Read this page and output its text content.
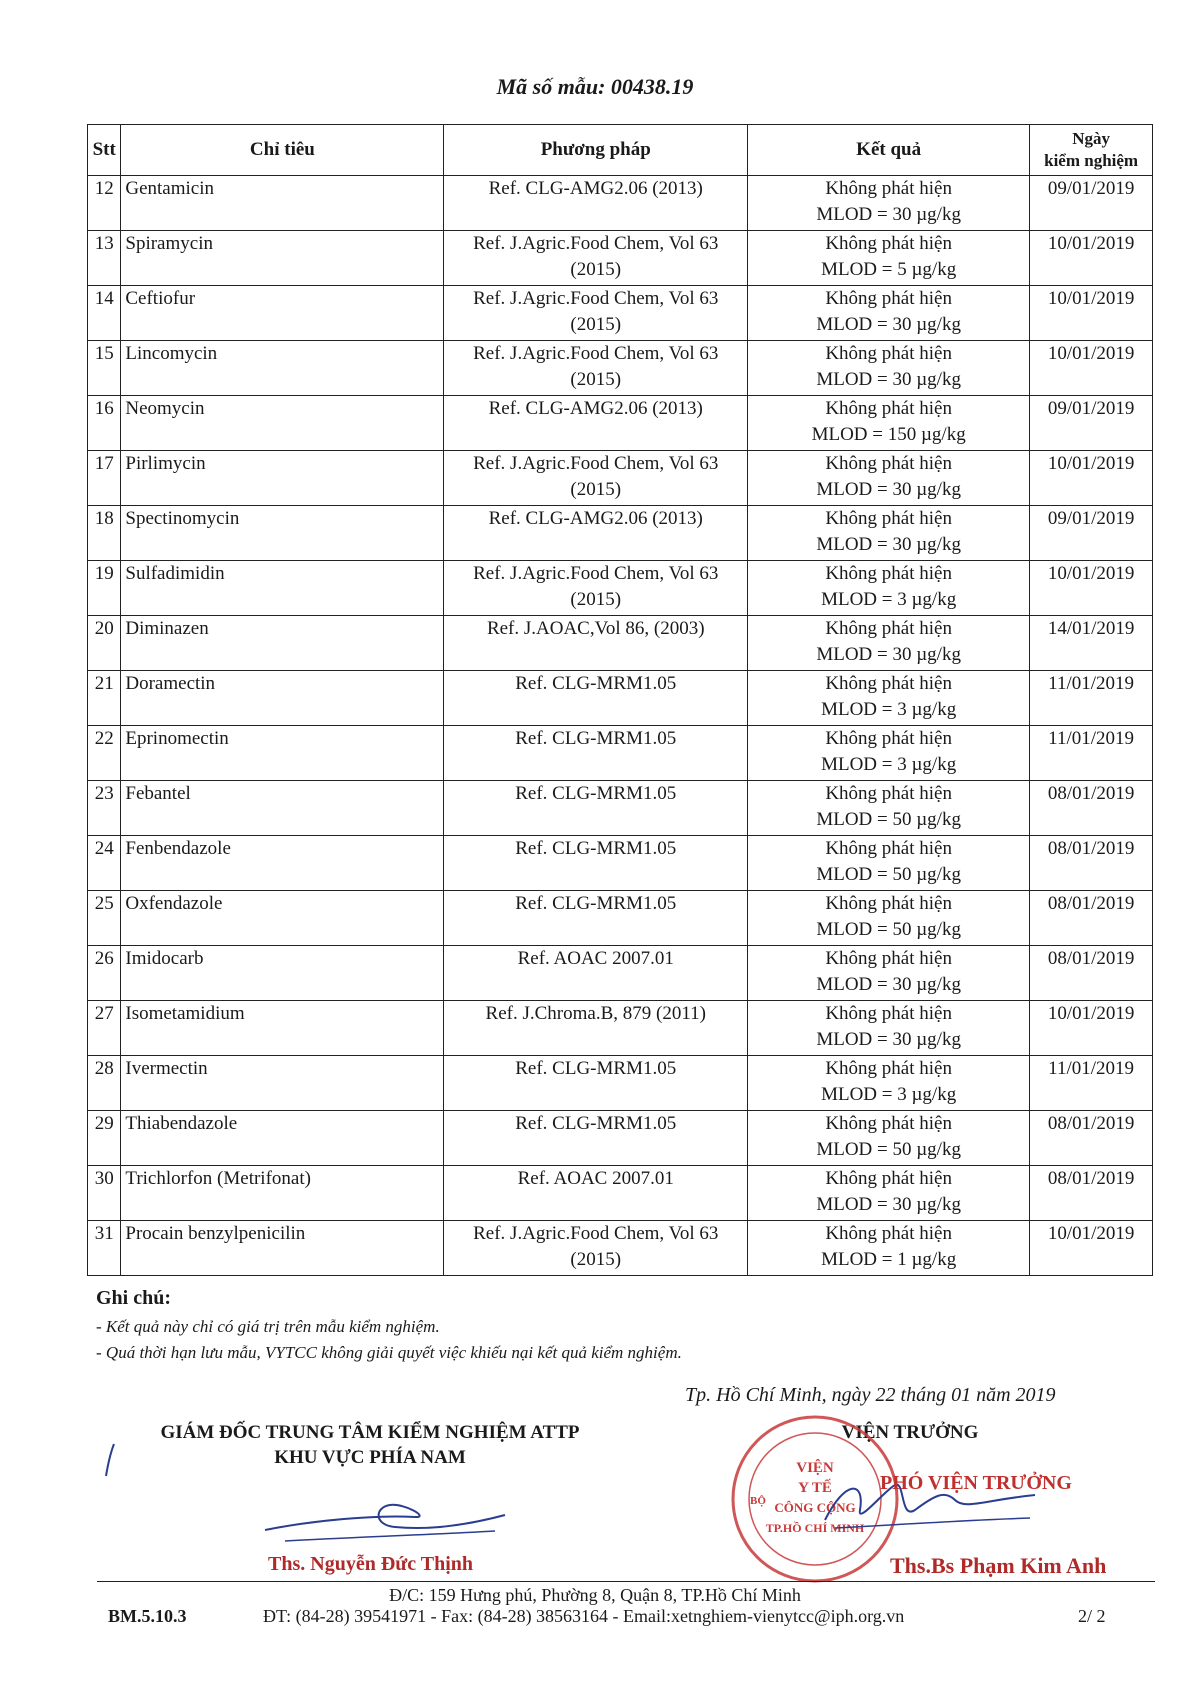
Mã số mẫu: 00438.19
Stt	Chỉ tiêu	Phương pháp	Kết quả	Ngày
kiểm nghiệm
12	Gentamicin	Ref. CLG-AMG2.06 (2013)	Không phát hiện
MLOD = 30 µg/kg	09/01/2019
13	Spiramycin	Ref. J.Agric.Food Chem, Vol 63
(2015)	Không phát hiện
MLOD = 5 µg/kg	10/01/2019
14	Ceftiofur	Ref. J.Agric.Food Chem, Vol 63
(2015)	Không phát hiện
MLOD = 30 µg/kg	10/01/2019
15	Lincomycin	Ref. J.Agric.Food Chem, Vol 63
(2015)	Không phát hiện
MLOD = 30 µg/kg	10/01/2019
16	Neomycin	Ref. CLG-AMG2.06 (2013)	Không phát hiện
MLOD = 150 µg/kg	09/01/2019
17	Pirlimycin	Ref. J.Agric.Food Chem, Vol 63
(2015)	Không phát hiện
MLOD = 30 µg/kg	10/01/2019
18	Spectinomycin	Ref. CLG-AMG2.06 (2013)	Không phát hiện
MLOD = 30 µg/kg	09/01/2019
19	Sulfadimidin	Ref. J.Agric.Food Chem, Vol 63
(2015)	Không phát hiện
MLOD = 3 µg/kg	10/01/2019
20	Diminazen	Ref. J.AOAC,Vol 86, (2003)	Không phát hiện
MLOD = 30 µg/kg	14/01/2019
21	Doramectin	Ref. CLG-MRM1.05	Không phát hiện
MLOD = 3 µg/kg	11/01/2019
22	Eprinomectin	Ref. CLG-MRM1.05	Không phát hiện
MLOD = 3 µg/kg	11/01/2019
23	Febantel	Ref. CLG-MRM1.05	Không phát hiện
MLOD = 50 µg/kg	08/01/2019
24	Fenbendazole	Ref. CLG-MRM1.05	Không phát hiện
MLOD = 50 µg/kg	08/01/2019
25	Oxfendazole	Ref. CLG-MRM1.05	Không phát hiện
MLOD = 50 µg/kg	08/01/2019
26	Imidocarb	Ref. AOAC 2007.01	Không phát hiện
MLOD = 30 µg/kg	08/01/2019
27	Isometamidium	Ref. J.Chroma.B, 879 (2011)	Không phát hiện
MLOD = 30 µg/kg	10/01/2019
28	Ivermectin	Ref. CLG-MRM1.05	Không phát hiện
MLOD = 3 µg/kg	11/01/2019
29	Thiabendazole	Ref. CLG-MRM1.05	Không phát hiện
MLOD = 50 µg/kg	08/01/2019
30	Trichlorfon (Metrifonat)	Ref. AOAC 2007.01	Không phát hiện
MLOD = 30 µg/kg	08/01/2019
31	Procain benzylpenicilin	Ref. J.Agric.Food Chem, Vol 63
(2015)	Không phát hiện
MLOD = 1 µg/kg	10/01/2019
Ghi chú:
- Kết quả này chỉ có giá trị trên mẫu kiểm nghiệm.
- Quá thời hạn lưu mẫu, VYTCC không giải quyết việc khiếu nại kết quả kiểm nghiệm.
Tp. Hồ Chí Minh, ngày 22 tháng 01 năm 2019
GIÁM ĐỐC TRUNG TÂM KIỂM NGHIỆM ATTP
KHU VỰC PHÍA NAM
VIỆN TRƯỞNG
VIỆN
Y TẾ
CÔNG CỘNG
TP.HỒ CHÍ MINH
BỘ
PHÓ VIỆN TRƯỞNG
Ths. Nguyễn Đức Thịnh	Ths.Bs Phạm Kim Anh
Đ/C: 159 Hưng phú, Phường 8, Quận 8, TP.Hồ Chí Minh
BM.5.10.3	ĐT: (84-28) 39541971 - Fax: (84-28) 38563164 - Email:xetnghiem-vienytcc@iph.org.vn	2/ 2
